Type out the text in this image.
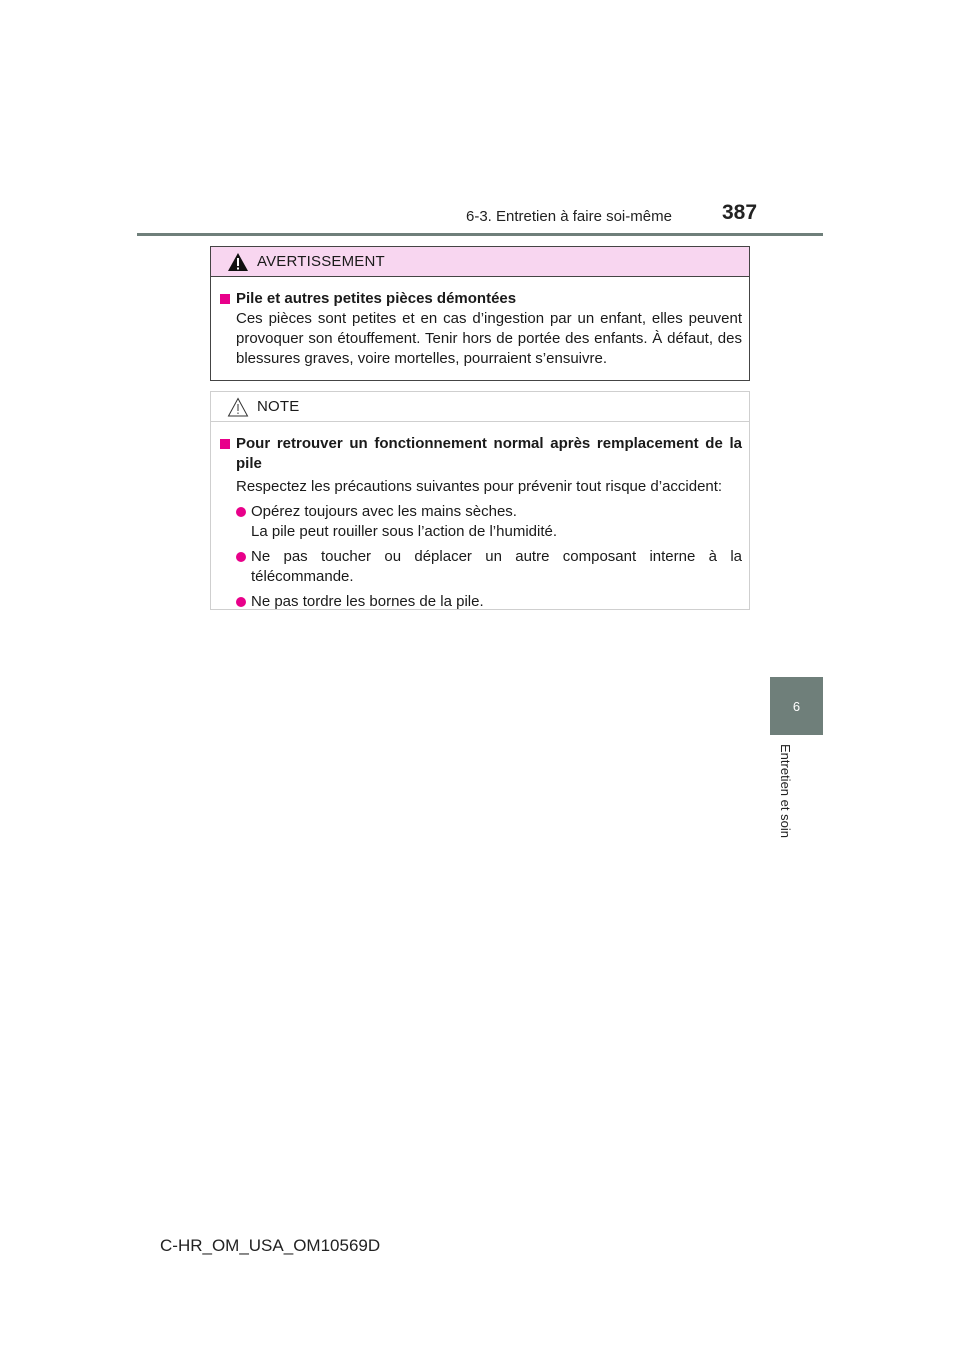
6-3. Entretien à faire soi-même 387
6
Entretien et soin
AVERTISSEMENT
Pile et autres petites pièces démontées
Ces pièces sont petites et en cas d’ingestion par un enfant, elles peuvent provoquer son étouffement. Tenir hors de portée des enfants. À défaut, des blessures graves, voire mortelles, pourraient s’ensuivre.
NOTE
Pour retrouver un fonctionnement normal après remplacement de la pile
Respectez les précautions suivantes pour prévenir tout risque d’accident:
Opérez toujours avec les mains sèches.
La pile peut rouiller sous l’action de l’humidité.
Ne pas toucher ou déplacer un autre composant interne à la télécommande.
Ne pas tordre les bornes de la pile.
C-HR_OM_USA_OM10569D
